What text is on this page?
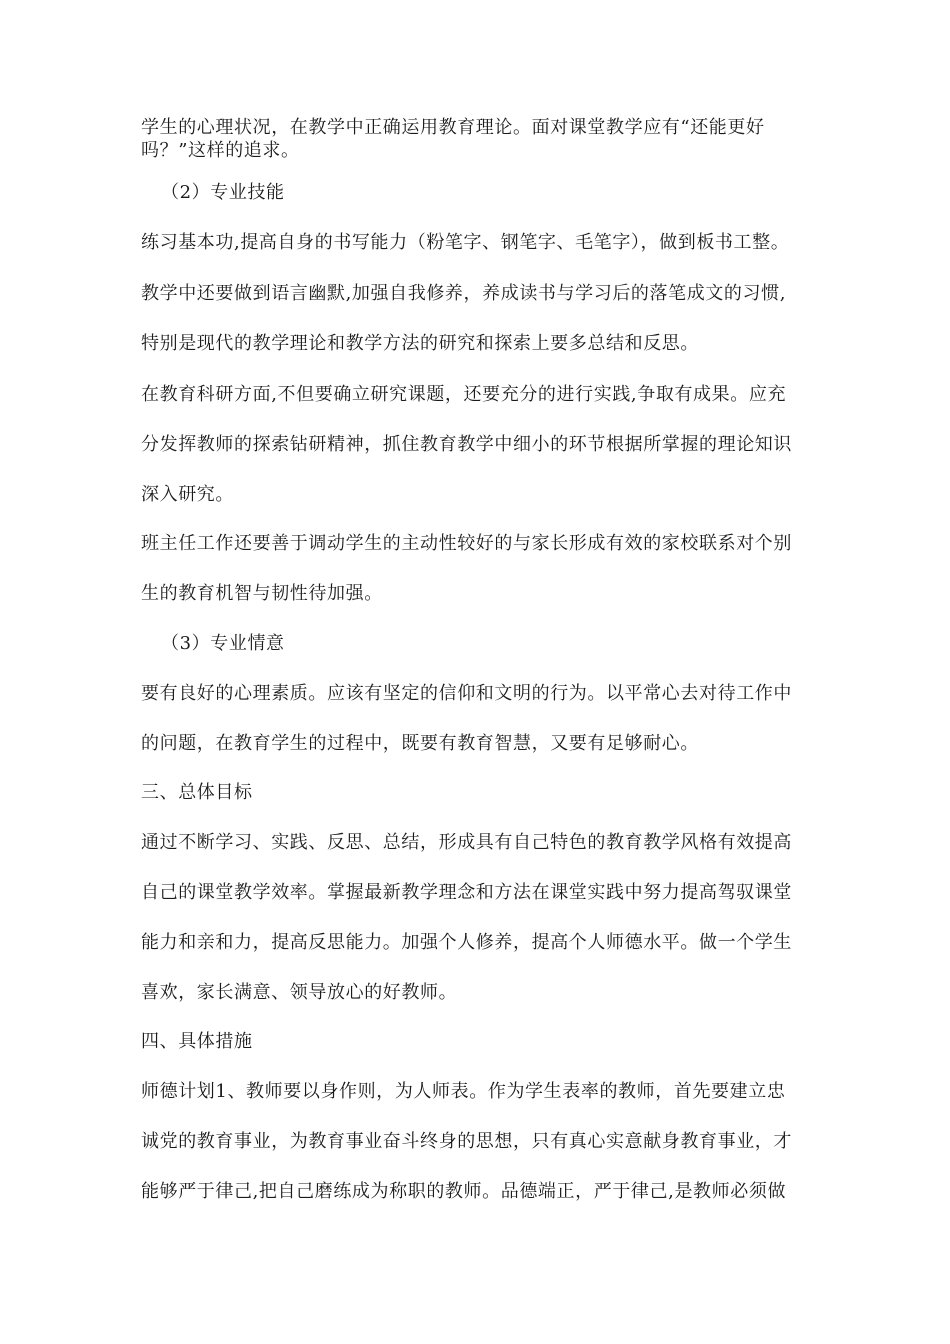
学生的心理状况，在教学中正确运用教育理论。面对课堂教学应有“还能更好
吗？”这样的追求。
（2）专业技能
练习基本功,提高自身的书写能力（粉笔字、钢笔字、毛笔字），做到板书工整。
教学中还要做到语言幽默,加强自我修养，养成读书与学习后的落笔成文的习惯,
特别是现代的教学理论和教学方法的研究和探索上要多总结和反思。
在教育科研方面,不但要确立研究课题，还要充分的进行实践,争取有成果。应充
分发挥教师的探索钻研精神，抓住教育教学中细小的环节根据所掌握的理论知识
深入研究。
班主任工作还要善于调动学生的主动性较好的与家长形成有效的家校联系对个别
生的教育机智与韧性待加强。
（3）专业情意
要有良好的心理素质。应该有坚定的信仰和文明的行为。以平常心去对待工作中
的问题，在教育学生的过程中，既要有教育智慧，又要有足够耐心。
三、总体目标
通过不断学习、实践、反思、总结，形成具有自己特色的教育教学风格有效提高
自己的课堂教学效率。掌握最新教学理念和方法在课堂实践中努力提高驾驭课堂
能力和亲和力，提高反思能力。加强个人修养，提高个人师德水平。做一个学生
喜欢，家长满意、领导放心的好教师。
四、具体措施
师德计划1、教师要以身作则，为人师表。作为学生表率的教师，首先要建立忠
诚党的教育事业，为教育事业奋斗终身的思想，只有真心实意献身教育事业，才
能够严于律己,把自己磨练成为称职的教师。品德端正，严于律己,是教师必须做
